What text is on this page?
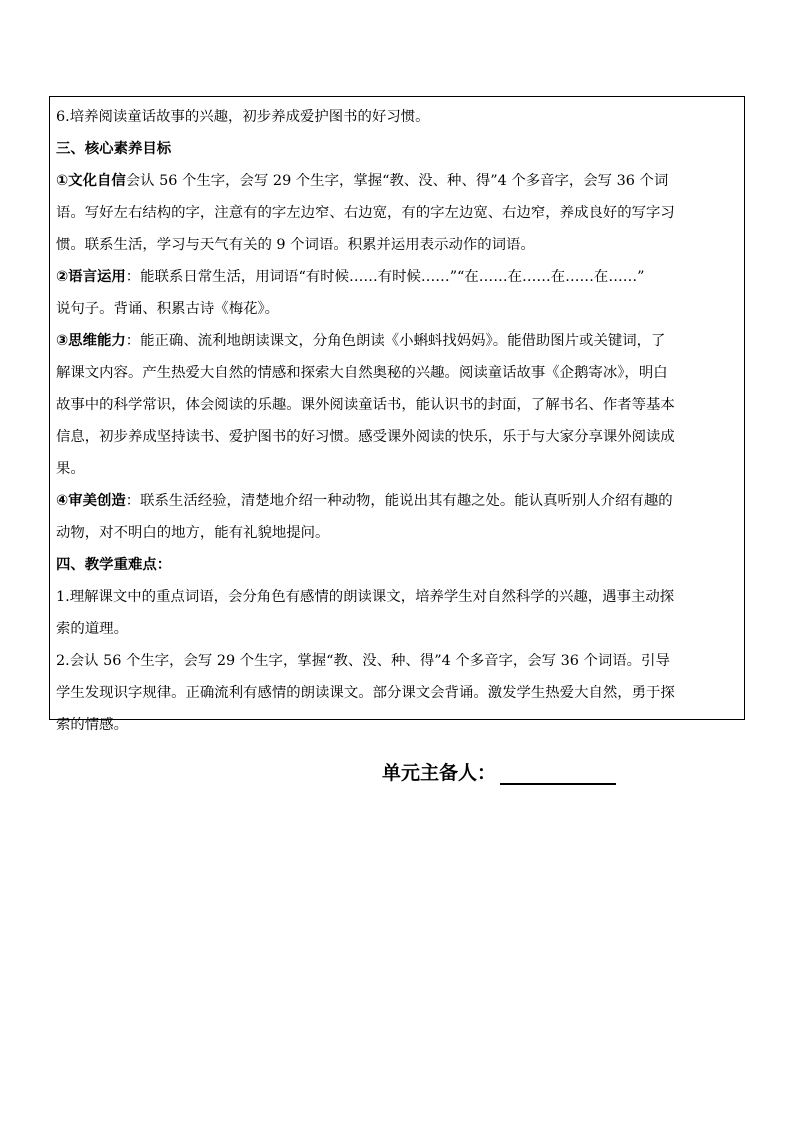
6.培养阅读童话故事的兴趣，初步养成爱护图书的好习惯。
三、核心素养目标
①文化自信会认 56 个生字，会写 29 个生字，掌握“教、没、种、得”4 个多音字，会写 36 个词
语。写好左右结构的字，注意有的字左边窄、右边宽，有的字左边宽、右边窄，养成良好的写字习
惯。联系生活，学习与天气有关的 9 个词语。积累并运用表示动作的词语。
②语言运用：能联系日常生活，用词语“有时候……有时候……”“在……在……在……在……”
说句子。背诵、积累古诗《梅花》。
③思维能力：能正确、流利地朗读课文，分角色朗读《小蝌蚪找妈妈》。能借助图片或关键词，了
解课文内容。产生热爱大自然的情感和探索大自然奥秘的兴趣。阅读童话故事《企鹅寄冰》，明白
故事中的科学常识，体会阅读的乐趣。课外阅读童话书，能认识书的封面，了解书名、作者等基本
信息，初步养成坚持读书、爱护图书的好习惯。感受课外阅读的快乐，乐于与大家分享课外阅读成
果。
④审美创造：联系生活经验，清楚地介绍一种动物，能说出其有趣之处。能认真听别人介绍有趣的
动物，对不明白的地方，能有礼貌地提问。
四、教学重难点：
1.理解课文中的重点词语，会分角色有感情的朗读课文，培养学生对自然科学的兴趣，遇事主动探
索的道理。
2.会认 56 个生字，会写 29 个生字，掌握“教、没、种、得”4 个多音字，会写 36 个词语。引导
学生发现识字规律。正确流利有感情的朗读课文。部分课文会背诵。激发学生热爱大自然，勇于探
索的情感。
单元主备人：
